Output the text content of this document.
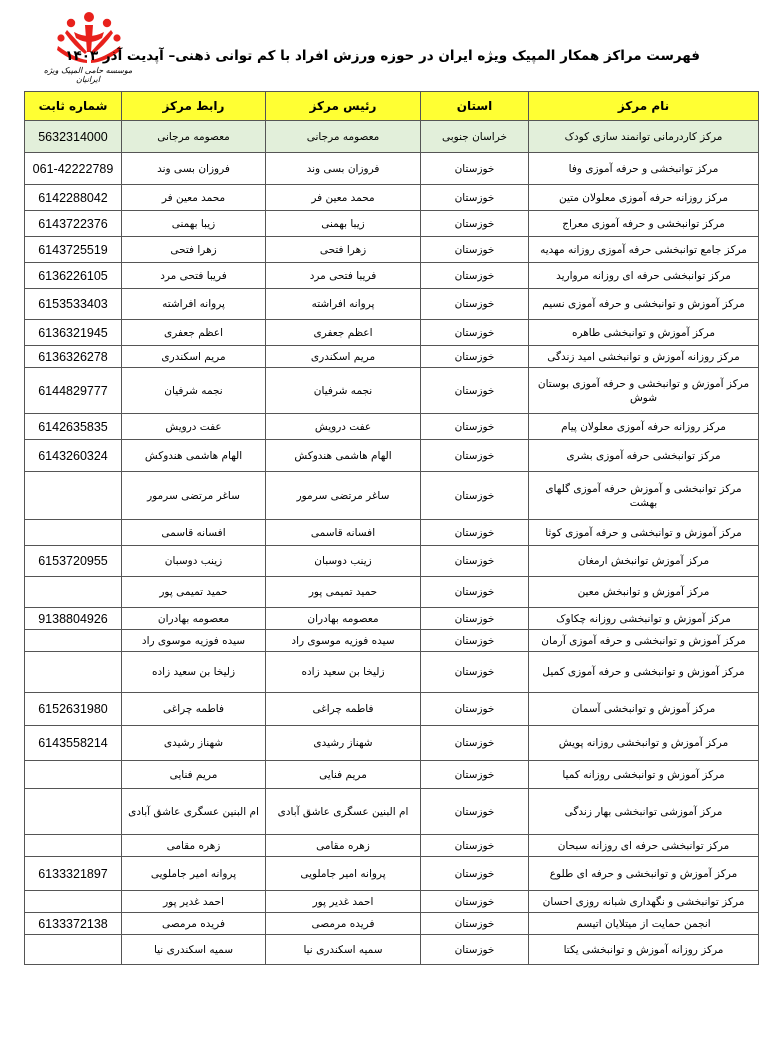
موسسه حامی المپیک ویژه ایرانیان
فهرست مراکز همکار المپیک ویژه ایران در حوزه ورزش افراد با کم توانی ذهنی– آپدیت آذر ۱۴۰۳
نام مرکز	استان	رئیس مرکز	رابط مرکز	شماره ثابت
مرکز کاردرمانی توانمند سازی کودک	خراسان جنوبی	معصومه مرجانی	معصومه مرجانی	5632314000
مرکز توانبخشی و حرفه آموزی وفا	خوزستان	فروزان بسی وند	فروزان بسی وند	061-42222789
مرکز روزانه حرفه آموزی معلولان متین	خوزستان	محمد معین فر	محمد معین فر	6142288042
مرکز توانبخشی و حرفه آموزی معراج	خوزستان	زیبا بهمنی	زیبا بهمنی	6143722376
مرکز جامع توانبخشی حرفه آموزی روزانه مهدیه	خوزستان	زهرا فتحی	زهرا فتحی	6143725519
مرکز توانبخشی حرفه ای روزانه مروارید	خوزستان	فریبا فتحی مرد	فریبا فتحی مرد	6136226105
مرکز آموزش و توانبخشی و حرفه آموزی نسیم	خوزستان	پروانه افراشته	پروانه افراشته	6153533403
مرکز آموزش و توانبخشی طاهره	خوزستان	اعظم جعفری	اعظم جعفری	6136321945
مرکز روزانه آموزش و توانبخشی امید زندگی	خوزستان	مریم اسکندری	مریم اسکندری	6136326278
مرکز آموزش و توانبخشی و حرفه آموزی بوستان شوش	خوزستان	نجمه شرفیان	نجمه شرفیان	6144829777
مرکز روزانه حرفه آموزی معلولان پیام	خوزستان	عفت درویش	عفت درویش	6142635835
مرکز توانبخشی حرفه آموزی بشری	خوزستان	الهام هاشمی هندوکش	الهام هاشمی هندوکش	6143260324
مرکز توانبخشی و آموزش حرفه آموزی گلهای بهشت	خوزستان	ساغر مرتضی سرمور	ساغر مرتضی سرمور	
مرکز آموزش و توانبخشی و حرفه آموزی کوثا	خوزستان	افسانه قاسمی	افسانه قاسمی	
مرکز آموزش توانبخش ارمغان	خوزستان	زینب دوسبان	زینب دوسبان	6153720955
مرکز آموزش و توانبخش معین	خوزستان	حمید تمیمی پور	حمید تمیمی پور	
مرکز آموزش و توانبخشی روزانه چکاوک	خوزستان	معصومه بهادران	معصومه بهادران	9138804926
مرکز آموزش و توانبخشی و حرفه آموزی آرمان	خوزستان	سیده فوزیه موسوی راد	سیده فوزیه موسوی راد	
مرکز آموزش و توانبخشی و حرفه آموزی کمیل	خوزستان	زلیخا بن سعید زاده	زلیخا بن سعید زاده	
مرکز آموزش و توانبخشی آسمان	خوزستان	فاطمه چراغی	فاطمه چراغی	6152631980
مرکز آموزش و توانبخشی روزانه پویش	خوزستان	شهناز رشیدی	شهناز رشیدی	6143558214
مرکز آموزش و توانبخشی روزانه کمیا	خوزستان	مریم فنایی	مریم فنایی	
مرکز آموزشی توانبخشی بهار زندگی	خوزستان	ام البنین عسگری عاشق آبادی	ام البنین عسگری عاشق آبادی	
مرکز توانبخشی حرفه ای روزانه سبحان	خوزستان	زهره مقامی	زهره مقامی	
مرکز آموزش و توانبخشی و حرفه ای طلوع	خوزستان	پروانه امیر جاملویی	پروانه امیر جاملویی	6133321897
مرکز توانبخشی و نگهداری شبانه روزی احسان	خوزستان	احمد غدیر پور	احمد غدیر پور	
انجمن حمایت از میتلایان اتیسم	خوزستان	فریده مرمصی	فریده مرمصی	6133372138
مرکز روزانه آموزش و توانبخشی یکتا	خوزستان	سمیه اسکندری نیا	سمیه اسکندری نیا	
